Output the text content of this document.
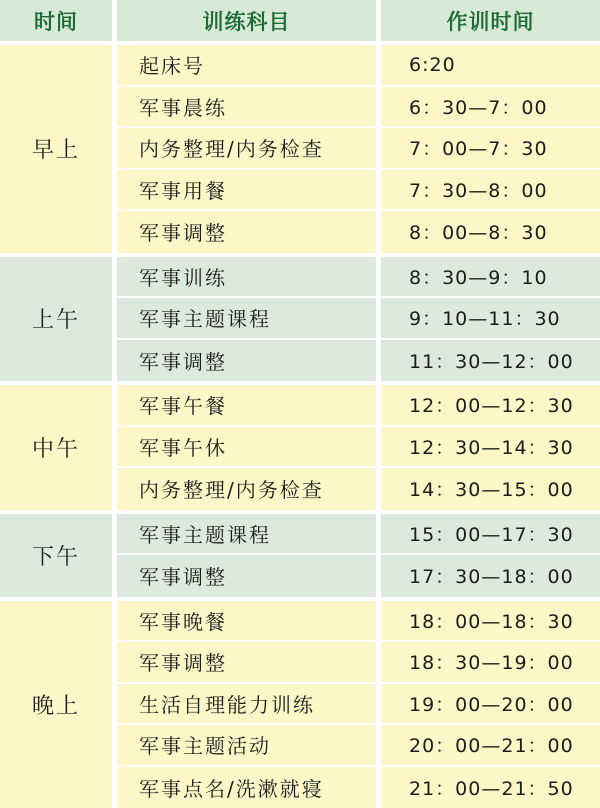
时间	训练科目	作训时间
早上
起床号
军事晨练
内务整理/内务检查
军事用餐
军事调整
6:20
6：30—7：00
7：00—7：30
7：30—8：00
8：00—8：30
上午
军事训练
军事主题课程
军事调整
8：30—9：10
9：10—11：30
11：30—12：00
中午
军事午餐
军事午休
内务整理/内务检查
12：00—12：30
12：30—14：30
14：30—15：00
下午
军事主题课程
军事调整
15：00—17：30
17：30—18：00
晚上
军事晚餐
军事调整
生活自理能力训练
军事主题活动
军事点名/洗漱就寝
18：00—18：30
18：30—19：00
19：00—20：00
20：00—21：00
21：00—21：50
